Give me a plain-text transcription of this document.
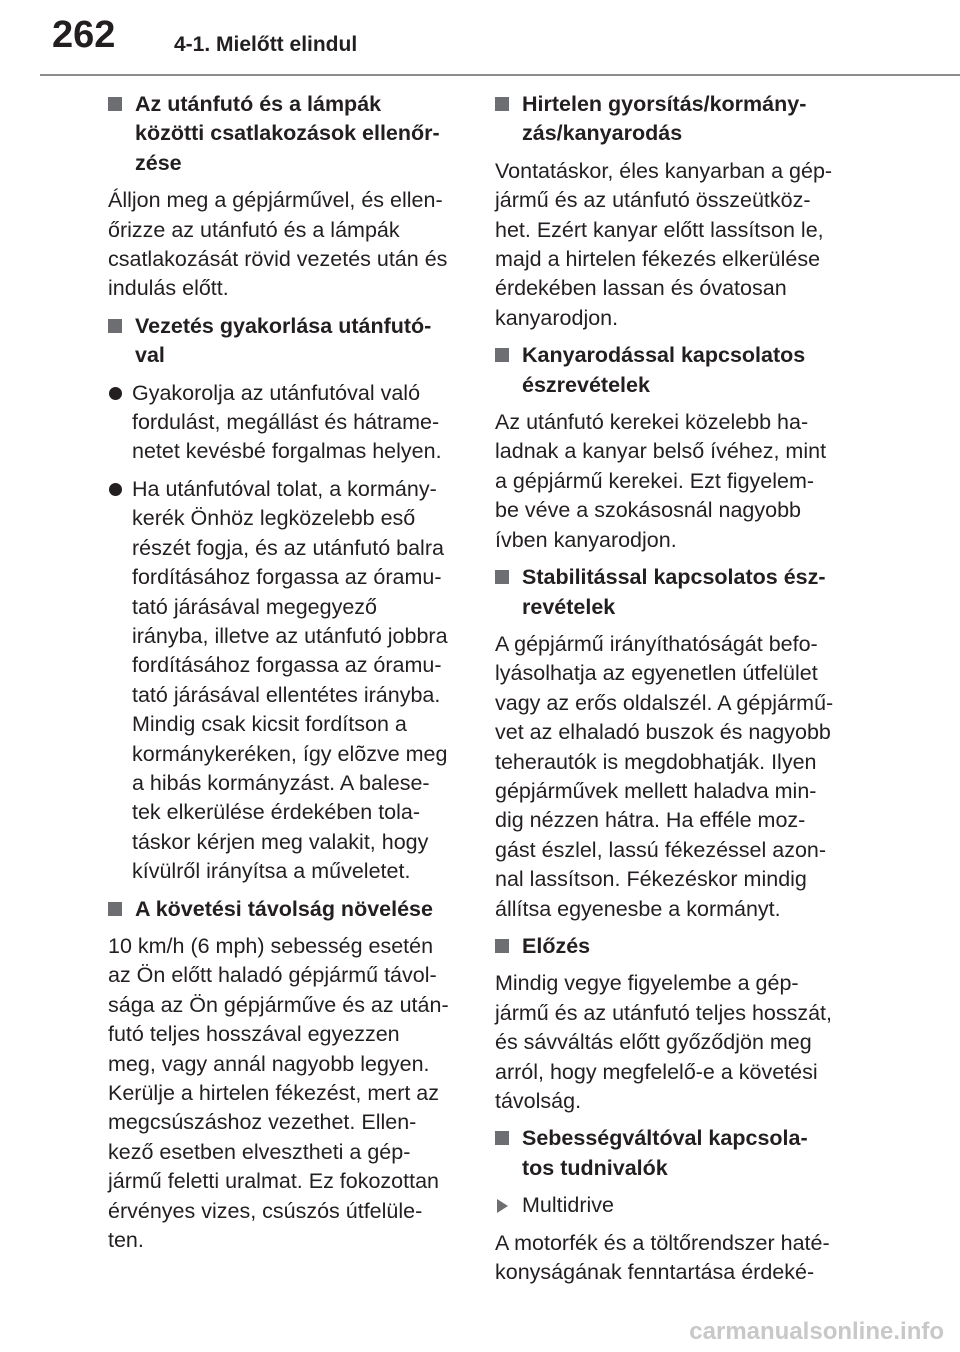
262	4-1. Mielőtt elindul
Az utánfutó és a lámpák
közötti csatlakozások ellenőr-
zése
Álljon meg a gépjárművel, és ellen-
őrizze az utánfutó és a lámpák
csatlakozását rövid vezetés után és
indulás előtt.
Vezetés gyakorlása utánfutó-
val
Gyakorolja az utánfutóval való
fordulást, megállást és hátrame-
netet kevésbé forgalmas helyen.
Ha utánfutóval tolat, a kormány-
kerék Önhöz legközelebb eső
részét fogja, és az utánfutó balra
fordításához forgassa az óramu-
tató járásával megegyező
irányba, illetve az utánfutó jobbra
fordításához forgassa az óramu-
tató járásával ellentétes irányba.
Mindig csak kicsit fordítson a
kormánykeréken, így elõzve meg
a hibás kormányzást. A balese-
tek elkerülése érdekében tola-
táskor kérjen meg valakit, hogy
kívülről irányítsa a műveletet.
A követési távolság növelése
10 km/h (6 mph) sebesség esetén
az Ön előtt haladó gépjármű távol-
sága az Ön gépjárműve és az után-
futó teljes hosszával egyezzen
meg, vagy annál nagyobb legyen.
Kerülje a hirtelen fékezést, mert az
megcsúszáshoz vezethet. Ellen-
kező esetben elvesztheti a gép-
jármű feletti uralmat. Ez fokozottan
érvényes vizes, csúszós útfelüle-
ten.
Hirtelen gyorsítás/kormány-
zás/kanyarodás
Vontatáskor, éles kanyarban a gép-
jármű és az utánfutó összeütköz-
het. Ezért kanyar előtt lassítson le,
majd a hirtelen fékezés elkerülése
érdekében lassan és óvatosan
kanyarodjon.
Kanyarodással kapcsolatos
észrevételek
Az utánfutó kerekei közelebb ha-
ladnak a kanyar belső ívéhez, mint
a gépjármű kerekei. Ezt figyelem-
be véve a szokásosnál nagyobb
ívben kanyarodjon.
Stabilitással kapcsolatos ész-
revételek
A gépjármű irányíthatóságát befo-
lyásolhatja az egyenetlen útfelület
vagy az erős oldalszél. A gépjármű-
vet az elhaladó buszok és nagyobb
teherautók is megdobhatják. Ilyen
gépjárművek mellett haladva min-
dig nézzen hátra. Ha efféle moz-
gást észlel, lassú fékezéssel azon-
nal lassítson. Fékezéskor mindig
állítsa egyenesbe a kormányt.
Előzés
Mindig vegye figyelembe a gép-
jármű és az utánfutó teljes hosszát,
és sávváltás előtt győződjön meg
arról, hogy megfelelő-e a követési
távolság.
Sebességváltóval kapcsola-
tos tudnivalók
Multidrive
A motorfék és a töltőrendszer haté-
konyságának fenntartása érdeké-
carmanualsonline.info
